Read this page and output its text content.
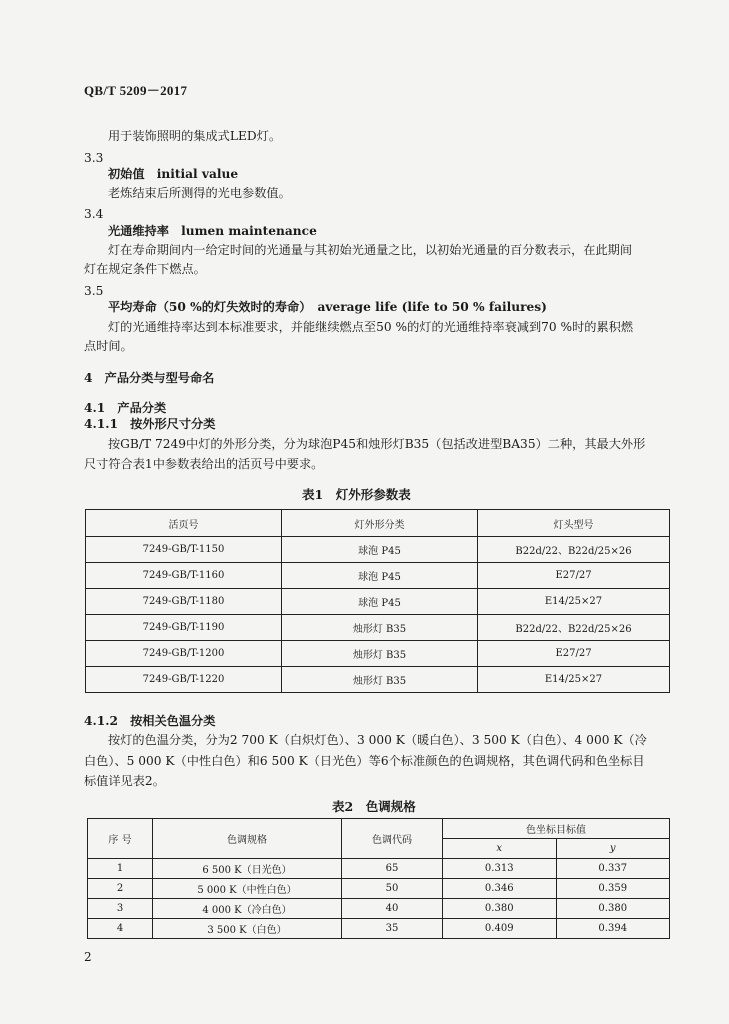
QB/T 5209－2017
用于装饰照明的集成式LED灯。
3.3
初始值　initial value
老炼结束后所测得的光电参数值。
3.4
光通维持率　lumen maintenance
灯在寿命期间内一给定时间的光通量与其初始光通量之比，以初始光通量的百分数表示，在此期间
灯在规定条件下燃点。
3.5
平均寿命（50 %的灯失效时的寿命）　average life (life to 50 % failures)
灯的光通维持率达到本标准要求，并能继续燃点至50 %的灯的光通维持率衰减到70 %时的累积燃
点时间。
4　产品分类与型号命名
4.1　产品分类
4.1.1　按外形尺寸分类
按GB/T 7249中灯的外形分类，分为球泡P45和烛形灯B35（包括改进型BA35）二种，其最大外形
尺寸符合表1中参数表给出的活页号中要求。
表1　灯外形参数表
活页号	灯外形分类	灯头型号
7249-GB/T-1150	球泡 P45	B22d/22、B22d/25×26
7249-GB/T-1160	球泡 P45	E27/27
7249-GB/T-1180	球泡 P45	E14/25×27
7249-GB/T-1190	烛形灯 B35	B22d/22、B22d/25×26
7249-GB/T-1200	烛形灯 B35	E27/27
7249-GB/T-1220	烛形灯 B35	E14/25×27
4.1.2　按相关色温分类
按灯的色温分类，分为2 700 K（白炽灯色）、3 000 K（暖白色）、3 500 K（白色）、4 000 K（冷
白色）、5 000 K（中性白色）和6 500 K（日光色）等6个标准颜色的色调规格，其色调代码和色坐标目
标值详见表2。
表2　色调规格
序 号	色调规格	色调代码	色坐标目标值	
			x	y
1	6 500 K（日光色）	65	0.313	0.337
2	5 000 K（中性白色）	50	0.346	0.359
3	4 000 K（冷白色）	40	0.380	0.380
4	3 500 K（白色）	35	0.409	0.394
2
